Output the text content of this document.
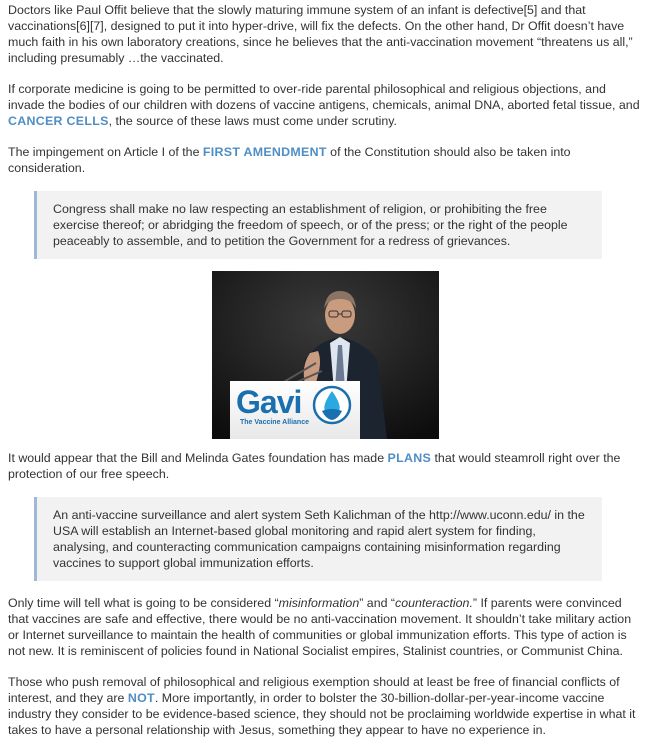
Doctors like Paul Offit believe that the slowly maturing immune system of an infant is defective[5] and that vaccinations[6][7], designed to put it into hyper-drive, will fix the defects. On the other hand, Dr Offit doesn’t have much faith in his own laboratory creations, since he believes that the anti-vaccination movement “threatens us all,” including presumably …the vaccinated.

If corporate medicine is going to be permitted to over-ride parental philosophical and religious objections, and invade the bodies of our children with dozens of vaccine antigens, chemicals, animal DNA, aborted fetal tissue, and CANCER CELLS, the source of these laws must come under scrutiny.

The impingement on Article I of the FIRST AMENDMENT of the Constitution should also be taken into consideration.

Congress shall make no law respecting an establishment of religion, or prohibiting the free exercise thereof; or abridging the freedom of speech, or of the press; or the right of the people peaceably to assemble, and to petition the Government for a redress of grievances.

Gavi
The Vaccine Alliance

It would appear that the Bill and Melinda Gates foundation has made PLANS that would steamroll right over the protection of our free speech.

An anti-vaccine surveillance and alert system Seth Kalichman of the http://www.uconn.edu/ in the USA will establish an Internet-based global monitoring and rapid alert system for finding, analysing, and counteracting communication campaigns containing misinformation regarding vaccines to support global immunization efforts.

Only time will tell what is going to be considered “misinformation” and “counteraction.” If parents were convinced that vaccines are safe and effective, there would be no anti-vaccination movement. It shouldn’t take military action or Internet surveillance to maintain the health of communities or global immunization efforts. This type of action is not new. It is reminiscent of policies found in National Socialist empires, Stalinist countries, or Communist China.

Those who push removal of philosophical and religious exemption should at least be free of financial conflicts of interest, and they are NOT. More importantly, in order to bolster the 30-billion-dollar-per-year-income vaccine industry they consider to be evidence-based science, they should not be proclaiming worldwide expertise in what it takes to have a personal relationship with Jesus, something they appear to have no experience in.
